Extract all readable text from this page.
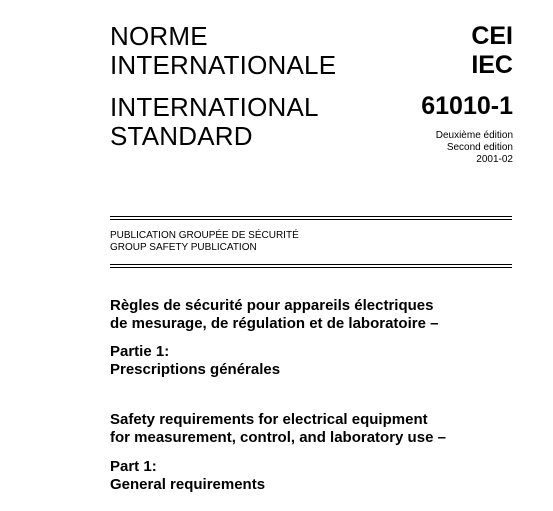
NORME
INTERNATIONALE
INTERNATIONAL
STANDARD
CEI
IEC
61010-1
Deuxième édition
Second edition
2001-02
PUBLICATION GROUPÉE DE SÉCURITÉ
GROUP SAFETY PUBLICATION
Règles de sécurité pour appareils électriques
de mesurage, de régulation et de laboratoire –
Partie 1:
Prescriptions générales
Safety requirements for electrical equipment
for measurement, control, and laboratory use –
Part 1:
General requirements
